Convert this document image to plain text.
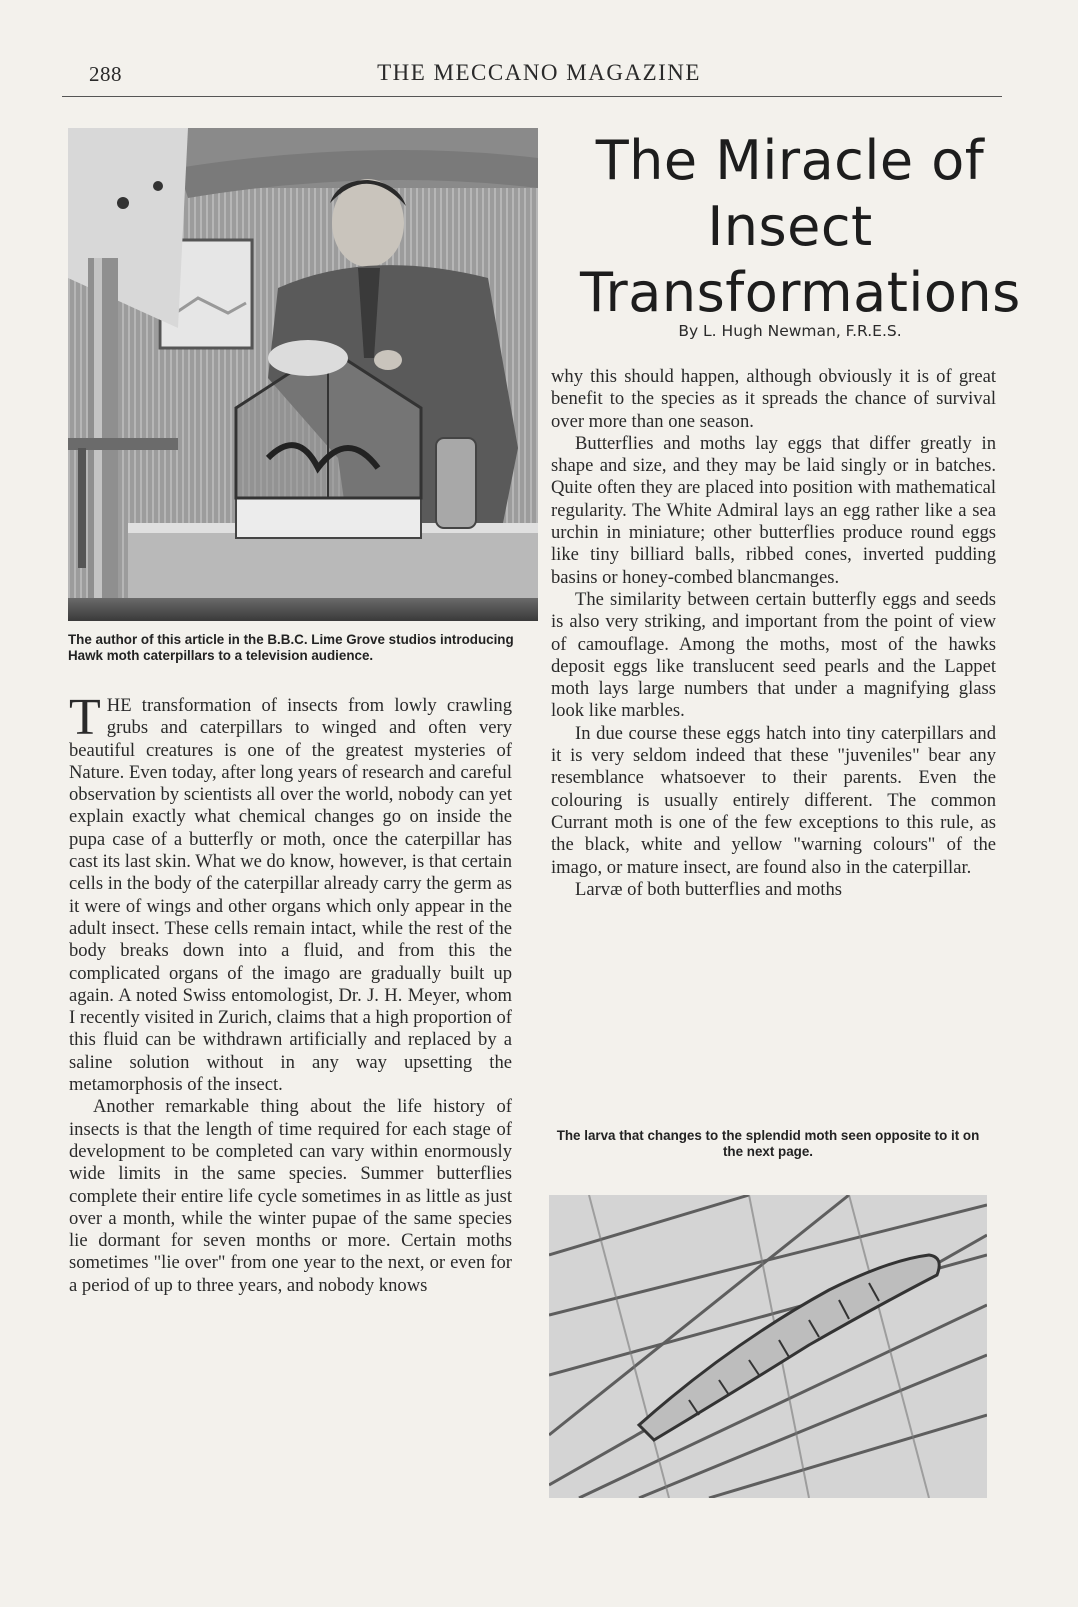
288	THE MECCANO MAGAZINE
The author of this article in the B.B.C. Lime Grove studios introducing Hawk moth caterpillars to a television audience.
The Miracle of Insect Transformations
By L. Hugh Newman, F.R.E.S.

THE transformation of insects from lowly crawling grubs and caterpillars to winged and often very beautiful creatures is one of the greatest mysteries of Nature. Even today, after long years of research and careful observation by scientists all over the world, nobody can yet explain exactly what chemical changes go on inside the pupa case of a butterfly or moth, once the caterpillar has cast its last skin. What we do know, however, is that certain cells in the body of the caterpillar already carry the germ as it were of wings and other organs which only appear in the adult insect. These cells remain intact, while the rest of the body breaks down into a fluid, and from this the complicated organs of the imago are gradually built up again. A noted Swiss entomologist, Dr. J. H. Meyer, whom I recently visited in Zurich, claims that a high proportion of this fluid can be withdrawn artificially and replaced by a saline solution without in any way upsetting the metamorphosis of the insect.

Another remarkable thing about the life history of insects is that the length of time required for each stage of development to be completed can vary within enormously wide limits in the same species. Summer butterflies complete their entire life cycle sometimes in as little as just over a month, while the winter pupae of the same species lie dormant for seven months or more. Certain moths sometimes "lie over" from one year to the next, or even for a period of up to three years, and nobody knows

why this should happen, although obviously it is of great benefit to the species as it spreads the chance of survival over more than one season.

Butterflies and moths lay eggs that differ greatly in shape and size, and they may be laid singly or in batches. Quite often they are placed into position with mathematical regularity. The White Admiral lays an egg rather like a sea urchin in miniature; other butterflies produce round eggs like tiny billiard balls, ribbed cones, inverted pudding basins or honey-combed blancmanges.

The similarity between certain butterfly eggs and seeds is also very striking, and important from the point of view of camouflage. Among the moths, most of the hawks deposit eggs like translucent seed pearls and the Lappet moth lays large numbers that under a magnifying glass look like marbles.

In due course these eggs hatch into tiny caterpillars and it is very seldom indeed that these "juveniles" bear any resemblance whatsoever to their parents. Even the colouring is usually entirely different. The common Currant moth is one of the few exceptions to this rule, as the black, white and yellow "warning colours" of the imago, or mature insect, are found also in the caterpillar.

Larvæ of both butterflies and moths

The larva that changes to the splendid moth seen opposite to it on the next page.
